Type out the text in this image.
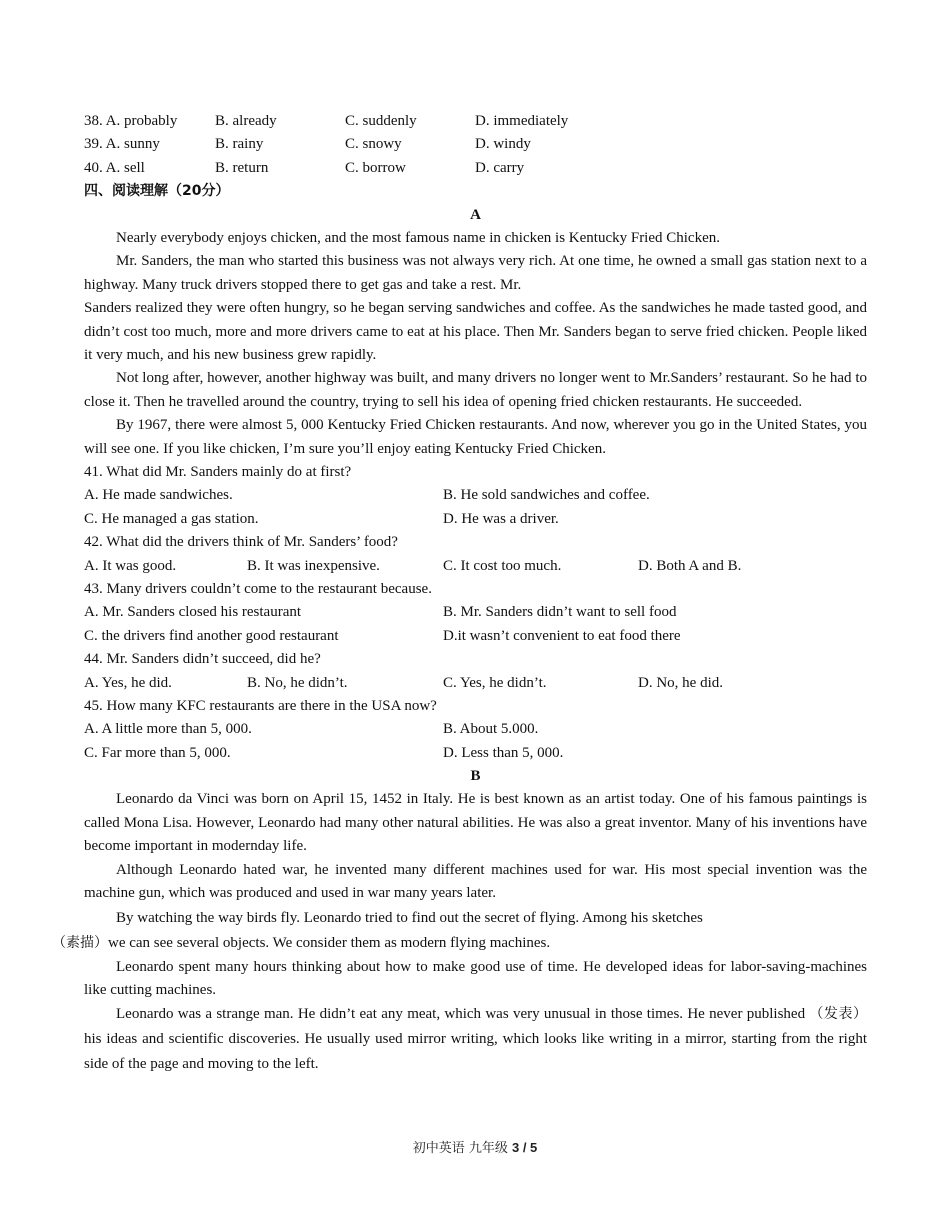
38. A. probably	B. already	C. suddenly	D. immediately
39. A. sunny	B. rainy	C. snowy	D. windy
40. A. sell	B. return	C. borrow	D. carry
四、阅读理解（20分）
A

Nearly everybody enjoys chicken, and the most famous name in chicken is Kentucky Fried Chicken.

Mr. Sanders, the man who started this business was not always very rich. At one time, he owned a small gas station next to a highway. Many truck drivers stopped there to get gas and take a rest. Mr.

Sanders realized they were often hungry, so he began serving sandwiches and coffee. As the sandwiches he made tasted good, and didn’t cost too much, more and more drivers came to eat at his place. Then Mr. Sanders began to serve fried chicken. People liked it very much, and his new business grew rapidly.

Not long after, however, another highway was built, and many drivers no longer went to Mr.Sanders’ restaurant. So he had to close it. Then he travelled around the country, trying to sell his idea of opening fried chicken restaurants. He succeeded.

By 1967, there were almost 5, 000 Kentucky Fried Chicken restaurants. And now, wherever you go in the United States, you will see one. If you like chicken, I’m sure you’ll enjoy eating Kentucky Fried Chicken.

41. What did Mr. Sanders mainly do at first?
A. He made sandwiches.	B. He sold sandwiches and coffee.
C. He managed a gas station.	D. He was a driver.
42. What did the drivers think of Mr. Sanders’ food?
A. It was good.	B. It was inexpensive.	C. It cost too much.	D. Both A and B.
43. Many drivers couldn’t come to the restaurant because.
A. Mr. Sanders closed his restaurant	B. Mr. Sanders didn’t want to sell food
C. the drivers find another good restaurant	D.it wasn’t convenient to eat food there
44. Mr. Sanders didn’t succeed, did he?
A. Yes, he did.	B. No, he didn’t.	C. Yes, he didn’t.	D. No, he did.
45. How many KFC restaurants are there in the USA now?
A. A little more than 5, 000.	B. About 5.000.
C. Far more than 5, 000.	D. Less than 5, 000.
B

Leonardo da Vinci was born on April 15, 1452 in Italy. He is best known as an artist today. One of his famous paintings is called Mona Lisa. However, Leonardo had many other natural abilities. He was also a great inventor. Many of his inventions have become important in modernday life.

Although Leonardo hated war, he invented many different machines used for war. His most special invention was the machine gun, which was produced and used in war many years later.

By watching the way birds fly. Leonardo tried to find out the secret of flying. Among his sketches
（素描）we can see several objects. We consider them as modern flying machines.

Leonardo spent many hours thinking about how to make good use of time. He developed ideas for labor-saving-machines like cutting machines.

Leonardo was a strange man. He didn’t eat any meat, which was very unusual in those times. He never published （发表）his ideas and scientific discoveries. He usually used mirror writing, which looks like writing in a mirror, starting from the right side of the page and moving to the left.

初中英语 九年级 3 / 5
